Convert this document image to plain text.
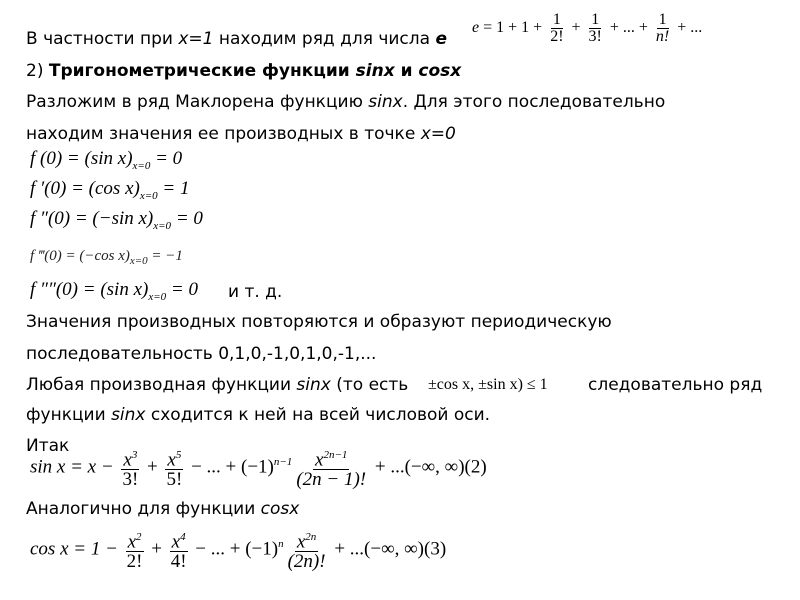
В частности при x=1 находим ряд для числа e
$e = 1 + 1 + \frac{1}{2!} + \frac{1}{3!}$ + ... + $\frac{1}{n!}$ + ...
2) Тригонометрические функции sinx и cosx
Разложим в ряд Маклорена функцию sinx. Для этого последовательно
находим значения ее производных в точке x=0
f (0) = (sin $x)_{x=0} = 0$
f ′(0) = (cos $x)_{x=0} = 1$
f ″(0) = (−sin $x)_{x=0} = 0$
f ‴(0) = (−cos $x)_{x=0} = -1$
f ″″(0) = (sin $x)_{x=0} = 0$ и т. д.
Значения производных повторяются и образуют периодическую
последовательность 0,1,0,-1,0,1,0,-1,...
Любая производная функции sinx (то есть ±cos x, ±sin x) ≤ 1 следовательно ряд
функции sinx сходится к ней на всей числовой оси.
Итак
$\sin x = x - \frac{x^3}{3!} + \frac{x^5}{5!}$ − ... + $(-1)^{n-1} \frac{x^{2n-1}}{(2n - 1)!}$ + ...(−∞, ∞)(2)
Аналогично для функции cosx
$\cos x = 1 - \frac{x^2}{2!} + \frac{x^4}{4!}$ − ... + $(-1)^n \frac{x^{2n}}{(2n)!}$ + ...(−∞, ∞)(3)
